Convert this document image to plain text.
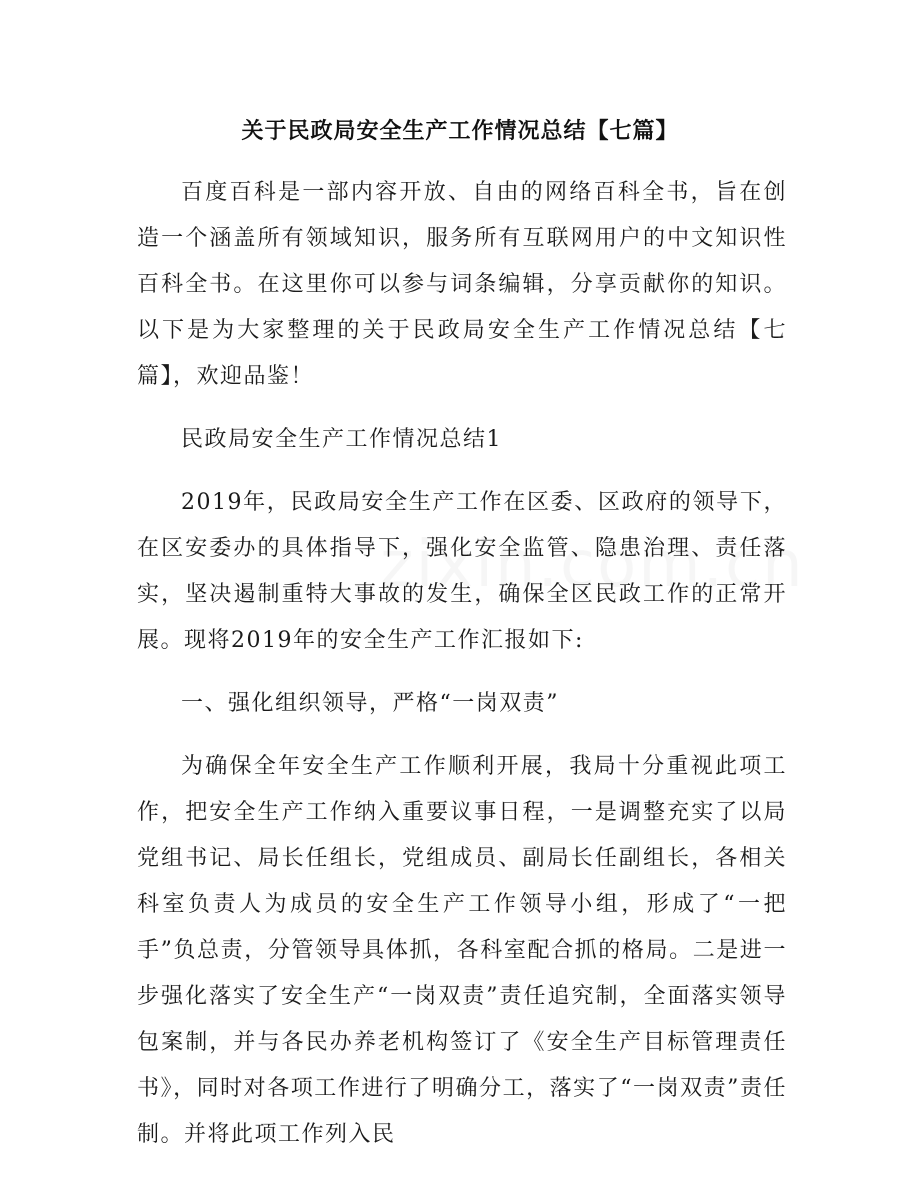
关于民政局安全生产工作情况总结【七篇】

百度百科是一部内容开放、自由的网络百科全书，旨在创造一个涵盖所有领域知识，服务所有互联网用户的中文知识性百科全书。在这里你可以参与词条编辑，分享贡献你的知识。以下是为大家整理的关于民政局安全生产工作情况总结【七篇】，欢迎品鉴！

民政局安全生产工作情况总结1

2019年，民政局安全生产工作在区委、区政府的领导下，在区安委办的具体指导下，强化安全监管、隐患治理、责任落实，坚决遏制重特大事故的发生，确保全区民政工作的正常开展。现将2019年的安全生产工作汇报如下:

一、强化组织领导，严格“一岗双责”

为确保全年安全生产工作顺利开展，我局十分重视此项工作，把安全生产工作纳入重要议事日程，一是调整充实了以局党组书记、局长任组长，党组成员、副局长任副组长，各相关科室负责人为成员的安全生产工作领导小组，形成了“一把手”负总责，分管领导具体抓，各科室配合抓的格局。二是进一步强化落实了安全生产“一岗双责”责任追究制，全面落实领导包案制，并与各民办养老机构签订了《安全生产目标管理责任书》，同时对各项工作进行了明确分工，落实了“一岗双责”责任制。并将此项工作列入民
